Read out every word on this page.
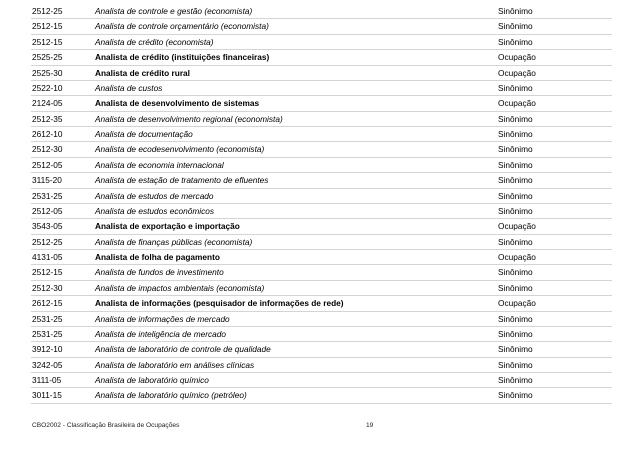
2512-25	Analista de controle e gestão (economista)	Sinônimo
2512-15	Analista de controle orçamentário (economista)	Sinônimo
2512-15	Analista de crédito (economista)	Sinônimo
2525-25	Analista de crédito (instituições financeiras)	Ocupação
2525-30	Analista de crédito rural	Ocupação
2522-10	Analista de custos	Sinônimo
2124-05	Analista de desenvolvimento de sistemas	Ocupação
2512-35	Analista de desenvolvimento regional (economista)	Sinônimo
2612-10	Analista de documentação	Sinônimo
2512-30	Analista de ecodesenvolvimento (economista)	Sinônimo
2512-05	Analista de economia internacional	Sinônimo
3115-20	Analista de estação de tratamento de efluentes	Sinônimo
2531-25	Analista de estudos de mercado	Sinônimo
2512-05	Analista de estudos econômicos	Sinônimo
3543-05	Analista de exportação e importação	Ocupação
2512-25	Analista de finanças públicas (economista)	Sinônimo
4131-05	Analista de folha de pagamento	Ocupação
2512-15	Analista de fundos de investimento	Sinônimo
2512-30	Analista de impactos ambientais (economista)	Sinônimo
2612-15	Analista de informações (pesquisador de informações de rede)	Ocupação
2531-25	Analista de informações de mercado	Sinônimo
2531-25	Analista de inteligência de mercado	Sinônimo
3912-10	Analista de laboratório de controle de qualidade	Sinônimo
3242-05	Analista de laboratório em análises clínicas	Sinônimo
3111-05	Analista de laboratório químico	Sinônimo
3011-15	Analista de laboratório químico (petróleo)	Sinônimo
CBO2002 - Classificação Brasileira de Ocupações	19
